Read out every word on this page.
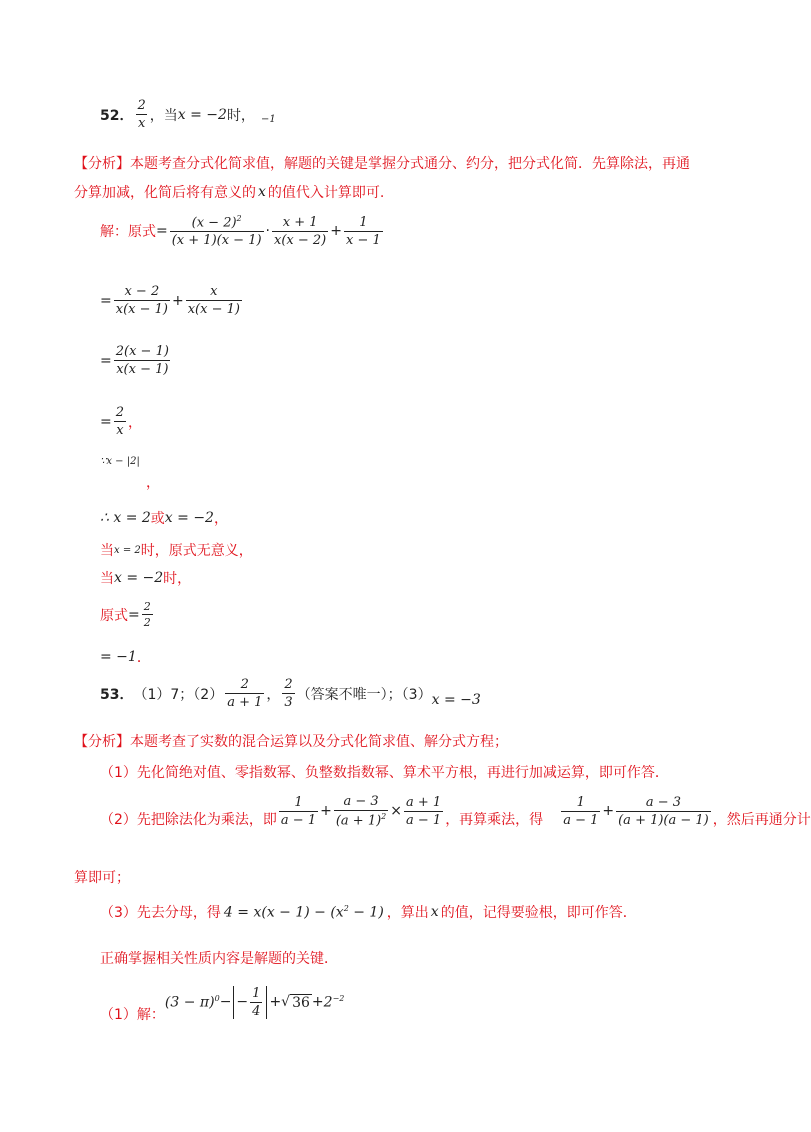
52． $\frac{2}{x}$ ，当 x = −2 时， −1
【分析】本题考查分式化简求值，解题的关键是掌握分式通分、约分，把分式化简．先算除法，再通
分算加减，化简后将有意义的 x 的值代入计算即可.
解：原式 = $\frac{(x - 2)^2}{(x + 1)(x - 1)} \cdot \frac{x + 1}{x(x - 2)} + \frac{1}{x - 1}$
= $\frac{x - 2}{x(x - 1)} + \frac{x}{x(x - 1)}$
= $\frac{2(x - 1)}{x(x - 1)}$
= $\frac{2}{x}$ ，
∵x − |2|
，
∴ x = 2 或 x = −2 ，
当 x = 2 时，原式无意义，
当 x = −2 时，
原式 = $\frac{2}{2}$
= −1 ．
53． （1）7；$(2) \frac{2}{a + 1}$ ， $\frac{2}{3}$ （答案不唯一）；（3） x = −3
【分析】本题考查了实数的混合运算以及分式化简求值、解分式方程；
（1）先化简绝对值、零指数幂、负整数指数幂、算术平方根，再进行加减运算，即可作答．
（2）先把除法化为乘法，即 $\frac{1}{a - 1} + \frac{a - 3}{(a + 1)^2} \times \frac{a + 1}{a - 1}$ ，再算乘法，得 $\frac{1}{a - 1} + \frac{a - 3}{(a + 1)(a - 1)}$ ，然后再通分计
算即可；
（3）先去分母，得 $4 = x(x - 1) - (x^2 - 1)$ ，算出 x 的值，记得要验根，即可作答．
正确掌握相关性质内容是解题的关键．
（1）解：
$(3 - \pi)^0$ − − $\frac{1}{4}$ + √ $36 + 2^{-2}$
